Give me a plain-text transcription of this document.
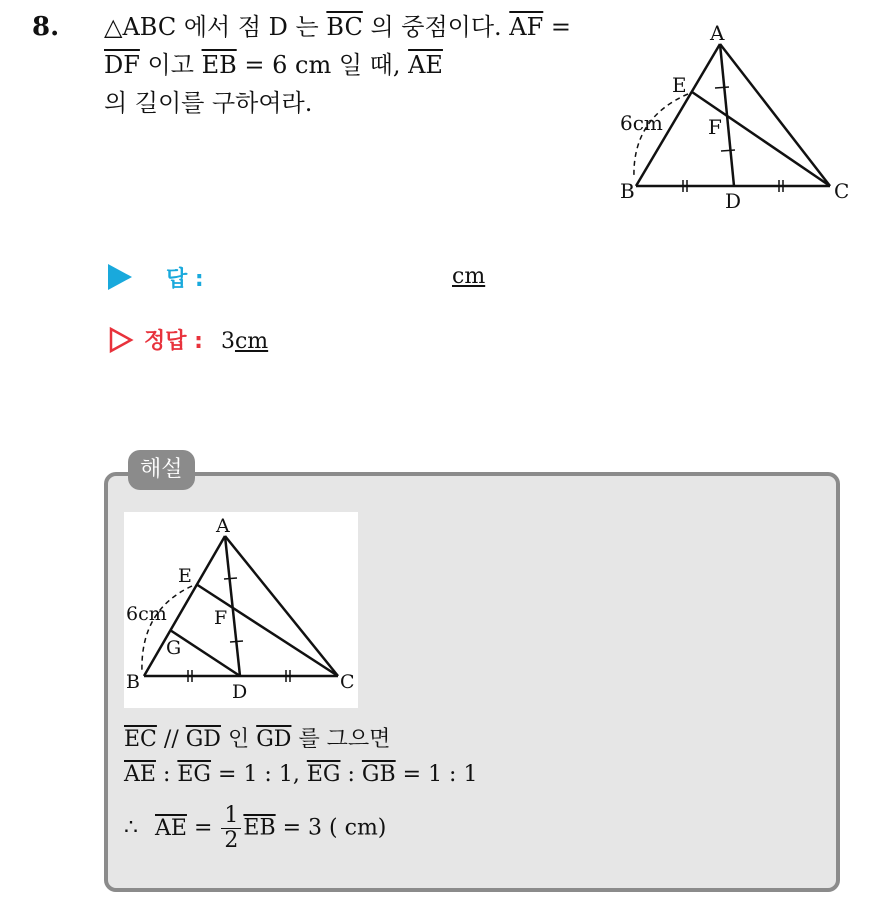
8. △ABC 에서 점 D 는 $\overline{BC}$ 의 중점이다. $\overline{AF}$ =
$\overline{DF}$ 이고 $\overline{EB} = 6$ cm 일 때, $\overline{AE}$ 의 길이를 구하여라.
A
E
F
B	D	C
6cm
답 :	cm
정답 : 3cm
해설
A
E
F
G
B	D	C
6cm
$\overline{EC} // \overline{GD}$ 인 $\overline{GD}$ 를 그으면
$\overline{AE}$ : $\overline{EG} = 1$ : 1, $\overline{EG}$ : $\overline{GB} = 1$ : 1
∴ $\overline{AE} = \frac{1}{2} \overline{EB} = 3$ ( cm)
